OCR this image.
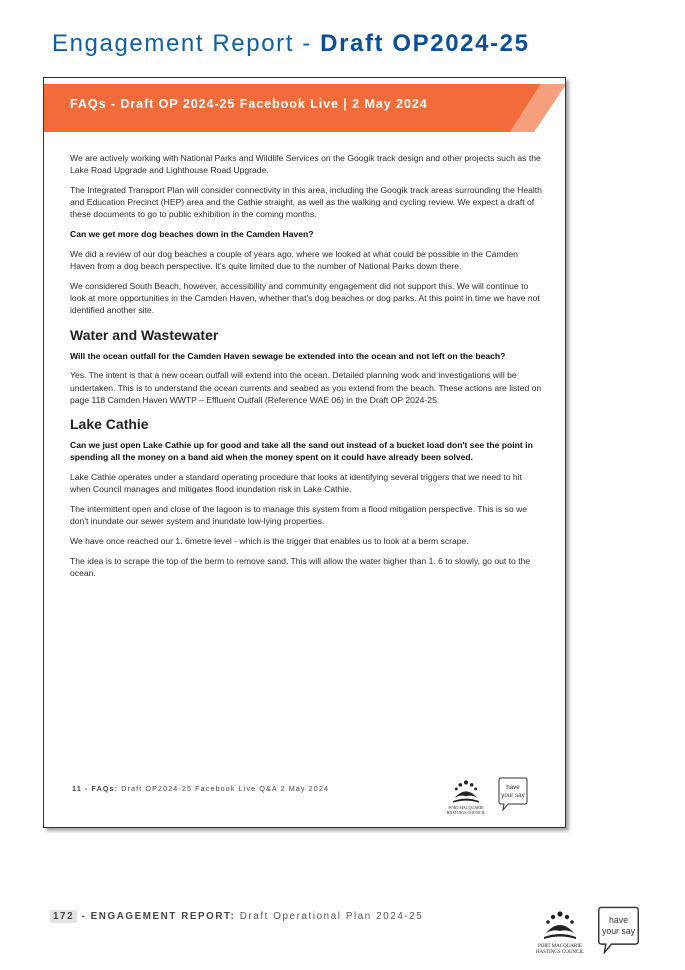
Engagement Report - Draft OP2024-25
FAQs - Draft OP 2024-25 Facebook Live | 2 May 2024

We are actively working with National Parks and Wildlife Services on the Googik track design and other projects such as the Lake Road Upgrade and Lighthouse Road Upgrade.

The Integrated Transport Plan will consider connectivity in this area, including the Googik track areas surrounding the Health and Education Precinct (HEP) area and the Cathie straight, as well as the walking and cycling review. We expect a draft of these documents to go to public exhibition in the coming months.

Can we get more dog beaches down in the Camden Haven?

We did a review of our dog beaches a couple of years ago, where we looked at what could be possible in the Camden Haven from a dog beach perspective. It's quite limited due to the number of National Parks down there.

We considered South Beach, however, accessibility and community engagement did not support this. We will continue to look at more opportunities in the Camden Haven, whether that's dog beaches or dog parks. At this point in time we have not identified another site.

Water and Wastewater

Will the ocean outfall for the Camden Haven sewage be extended into the ocean and not left on the beach?

Yes. The intent is that a new ocean outfall will extend into the ocean. Detailed planning work and investigations will be undertaken. This is to understand the ocean currents and seabed as you extend from the beach. These actions are listed on page 118 Camden Haven WWTP – Effluent Outfall (Reference WAE 06) in the Draft OP 2024-25.

Lake Cathie

Can we just open Lake Cathie up for good and take all the sand out instead of a bucket load don't see the point in spending all the money on a band aid when the money spent on it could have already been solved.

Lake Cathie operates under a standard operating procedure that looks at identifying several triggers that we need to hit when Council manages and mitigates flood inundation risk in Lake Cathie.

The intermittent open and close of the lagoon is to manage this system from a flood mitigation perspective. This is so we don't inundate our sewer system and inundate low-lying properties.

We have once reached our 1. 6metre level - which is the trigger that enables us to look at a berm scrape.

The idea is to scrape the top of the berm to remove sand. This will allow the water higher than 1. 6 to slowly, go out to the ocean.

11 - FAQs: Draft OP2024-25 Facebook Live Q&A 2 May 2024
PORT MACQUARIE
HASTINGS COUNCIL
have
your say
172 - ENGAGEMENT REPORT: Draft Operational Plan 2024-25
PORT MACQUARIE
HASTINGS COUNCIL
have
your say
